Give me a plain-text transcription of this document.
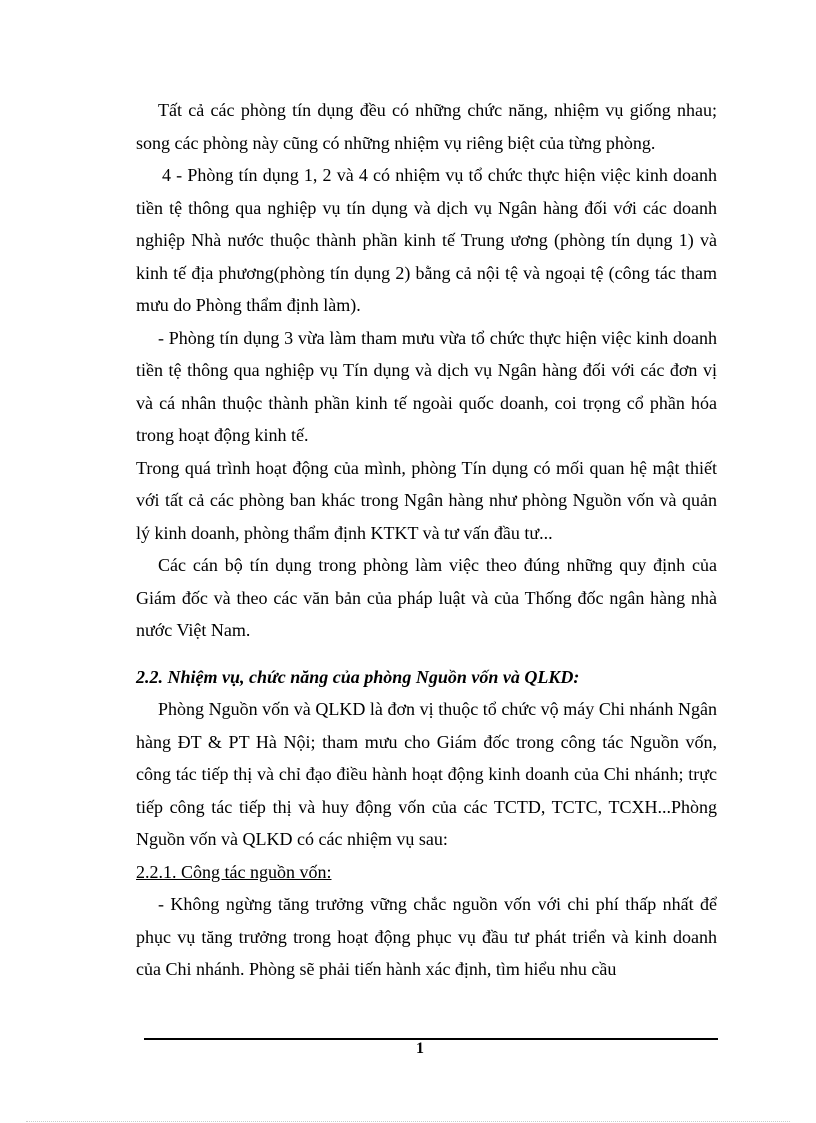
Tất cả các phòng tín dụng đều có những chức năng, nhiệm vụ giống nhau; song các phòng này cũng có những nhiệm vụ riêng biệt của từng phòng.

4 - Phòng tín dụng 1, 2 và 4 có nhiệm vụ tổ chức thực hiện việc kinh doanh tiền tệ thông qua nghiệp vụ tín dụng và dịch vụ Ngân hàng đối với các doanh nghiệp Nhà nước thuộc thành phần kinh tế Trung ương (phòng tín dụng 1) và kinh tế địa phương(phòng tín dụng 2) bằng cả nội tệ và ngoại tệ (công tác tham mưu do Phòng thẩm định làm).

- Phòng tín dụng 3 vừa làm tham mưu vừa tổ chức thực hiện việc kinh doanh tiền tệ thông qua nghiệp vụ Tín dụng và dịch vụ Ngân hàng đối với các đơn vị và cá nhân thuộc thành phần kinh tế ngoài quốc doanh, coi trọng cổ phần hóa trong hoạt động kinh tế.

Trong quá trình hoạt động của mình, phòng Tín dụng có mối quan hệ mật thiết với tất cả các phòng ban khác trong Ngân hàng như phòng Nguồn vốn và quản lý kinh doanh, phòng thẩm định KTKT và tư vấn đầu tư...

Các cán bộ tín dụng trong phòng làm việc theo đúng những quy định của Giám đốc và theo các văn bản của pháp luật và của Thống đốc ngân hàng nhà nước Việt Nam.

2.2. Nhiệm vụ, chức năng của phòng Nguồn vốn và QLKD:

Phòng Nguồn vốn và QLKD là đơn vị thuộc tổ chức vộ máy Chi nhánh Ngân hàng ĐT & PT Hà Nội; tham mưu cho Giám đốc trong công tác Nguồn vốn, công tác tiếp thị và chỉ đạo điều hành hoạt động kinh doanh của Chi nhánh; trực tiếp công tác tiếp thị và huy động vốn của các TCTD, TCTC, TCXH...Phòng Nguồn vốn và QLKD có các nhiệm vụ sau:

2.2.1. Công tác nguồn vốn:

- Không ngừng tăng trưởng vững chắc nguồn vốn với chi phí thấp nhất để phục vụ tăng trưởng trong hoạt động phục vụ đầu tư phát triển và kinh doanh của Chi nhánh. Phòng sẽ phải tiến hành xác định, tìm hiểu nhu cầu

1
